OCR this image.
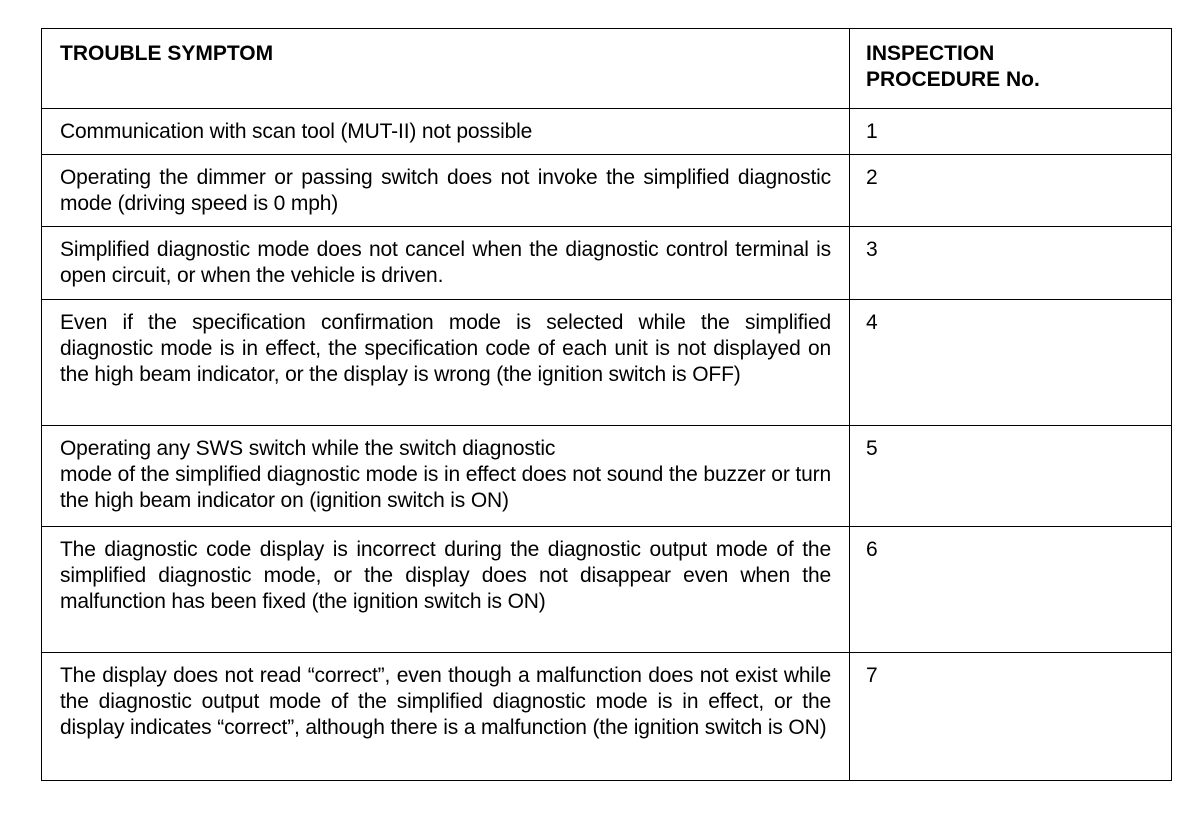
TROUBLE SYMPTOM	INSPECTION
PROCEDURE No.

Communication with scan tool (MUT-II) not possible	1
Operating the dimmer or passing switch does not invoke the simplified diagnostic mode (driving speed is 0 mph)	2
Simplified diagnostic mode does not cancel when the diagnostic control terminal is open circuit, or when the vehicle is driven.	3
Even if the specification confirmation mode is selected while the simplified diagnostic mode is in effect, the specification code of each unit is not displayed on the high beam indicator, or the display is wrong (the ignition switch is OFF)	4

Operating any SWS switch while the switch diagnostic
mode of the simplified diagnostic mode is in effect does not sound the buzzer or turn the high beam indicator on (ignition switch is ON)	5
The diagnostic code display is incorrect during the diagnostic output mode of the simplified diagnostic mode, or the display does not disappear even when the malfunction has been fixed (the ignition switch is ON)	6
The display does not read “correct”, even though a malfunction does not exist while the diagnostic output mode of the simplified diagnostic mode is in effect, or the display indicates “correct”, although there is a malfunction (the ignition switch is ON)	7
